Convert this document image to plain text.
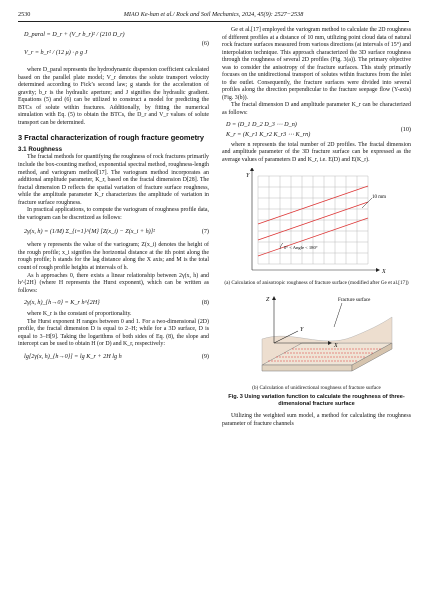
2530	MIAO Ke-han et al./ Rock and Soil Mechanics, 2024, 45(9): 2527−2538
D_paral = D_r + (V_r b_r)² / (210 D_r)
V_r = b_r² / (12 μ) · ρ g J
(6)

where D_paral represents the hydrodynamic dispersion coefficient calculated based on the parallel plate model; V_r denotes the solute transport velocity determined according to Fick’s second law; g stands for the acceleration of gravity; b_r is the hydraulic aperture; and J signifies the hydraulic gradient. Equations (5) and (6) can be utilized to construct a model for predicting the BTCs of solute within fractures. Additionally, by fitting the numerical simulation with Eq. (5) to obtain the BTCs, the D_r and V_r values of solute transport can be determined.

3 Fractal characterization of rough fracture geometry
3.1 Roughness

The fractal methods for quantifying the roughness of rock fractures primarily include the box-counting method, exponential spectral method, roughness-length method, and variogram method[17]. The variogram method incorporates an additional amplitude parameter, K_r, based on the fractal dimension D[28]. The fractal dimension D reflects the spatial variation of fracture surface roughness, while the amplitude parameter K_r characterizes the amplitude of variation in fracture surface roughness.

In practical applications, to compute the variogram of roughness profile data, the variogram can be discretized as follows:

2γ(x, h) = (1/M) Σ_{i=1}^{M} [Z(x_i) − Z(x_i + h)]²	(7)

where γ represents the value of the variogram; Z(x_i) denotes the height of the rough profile; x_i signifies the horizontal distance at the ith point along the rough profile; h stands for the lag distance along the X axis; and M is the total count of rough profile heights at intervals of h.

As h approaches 0, there exists a linear relationship between 2γ(x, h) and h^{2H} (where H represents the Hurst exponent), which can be written as follows:

2γ(x, h)_{h→0} = K_r h^{2H}	(8)

where K_r is the constant of proportionality.

The Hurst exponent H ranges between 0 and 1. For a two-dimensional (2D) profile, the fractal dimension D is equal to 2−H; while for a 3D surface, D is equal to 3−H[9]. Taking the logarithms of both sides of Eq. (8), the slope and intercept can be used to obtain H (or D) and K_r, respectively:

lg[2γ(x, h)_{h→0}] = lg K_r + 2H lg h	(9)

Ge et al.[17] employed the variogram method to calculate the 2D roughness of different profiles at a distance of 10 mm, utilizing point cloud data of natural rock fracture surfaces measured from various directions (at intervals of 15°) and interpolation technique. This approach characterized the 3D surface roughness through the roughness of several 2D profiles (Fig. 3(a)). The primary objective was to consider the anisotropy of the fracture surfaces. This study primarily focuses on the unidirectional transport of solutes within fractures from the inlet to the outlet. Consequently, the fracture surfaces were divided into several profiles along the direction perpendicular to the fracture seepage flow (Y-axis) (Fig. 3(b)).

The fractal dimension D and amplitude parameter K_r can be characterized as follows:

D = (D_1 D_2 D_3 ⋯ D_n)
K_r = (K_r1 K_r2 K_r3 ⋯ K_rn)
(10)

where n represents the total number of 2D profiles. The fractal dimension and amplitude parameter of the 3D fracture surface can be expressed as the average values of parameters D and K_r, i.e. E(D) and E(K_r).

Y
X
10 mm
0° < Angle < 180°
(a) Calculation of anisotropic roughness of fracture surface (modified after Ge et al.[17])
Z
Y
X
Fracture surface
(b) Calculation of unidirectional roughness of fracture surface
Fig. 3 Using variation function to calculate the roughness of three-dimensional fracture surface

Utilizing the weighted sum model, a method for calculating the roughness parameter of fracture channels
